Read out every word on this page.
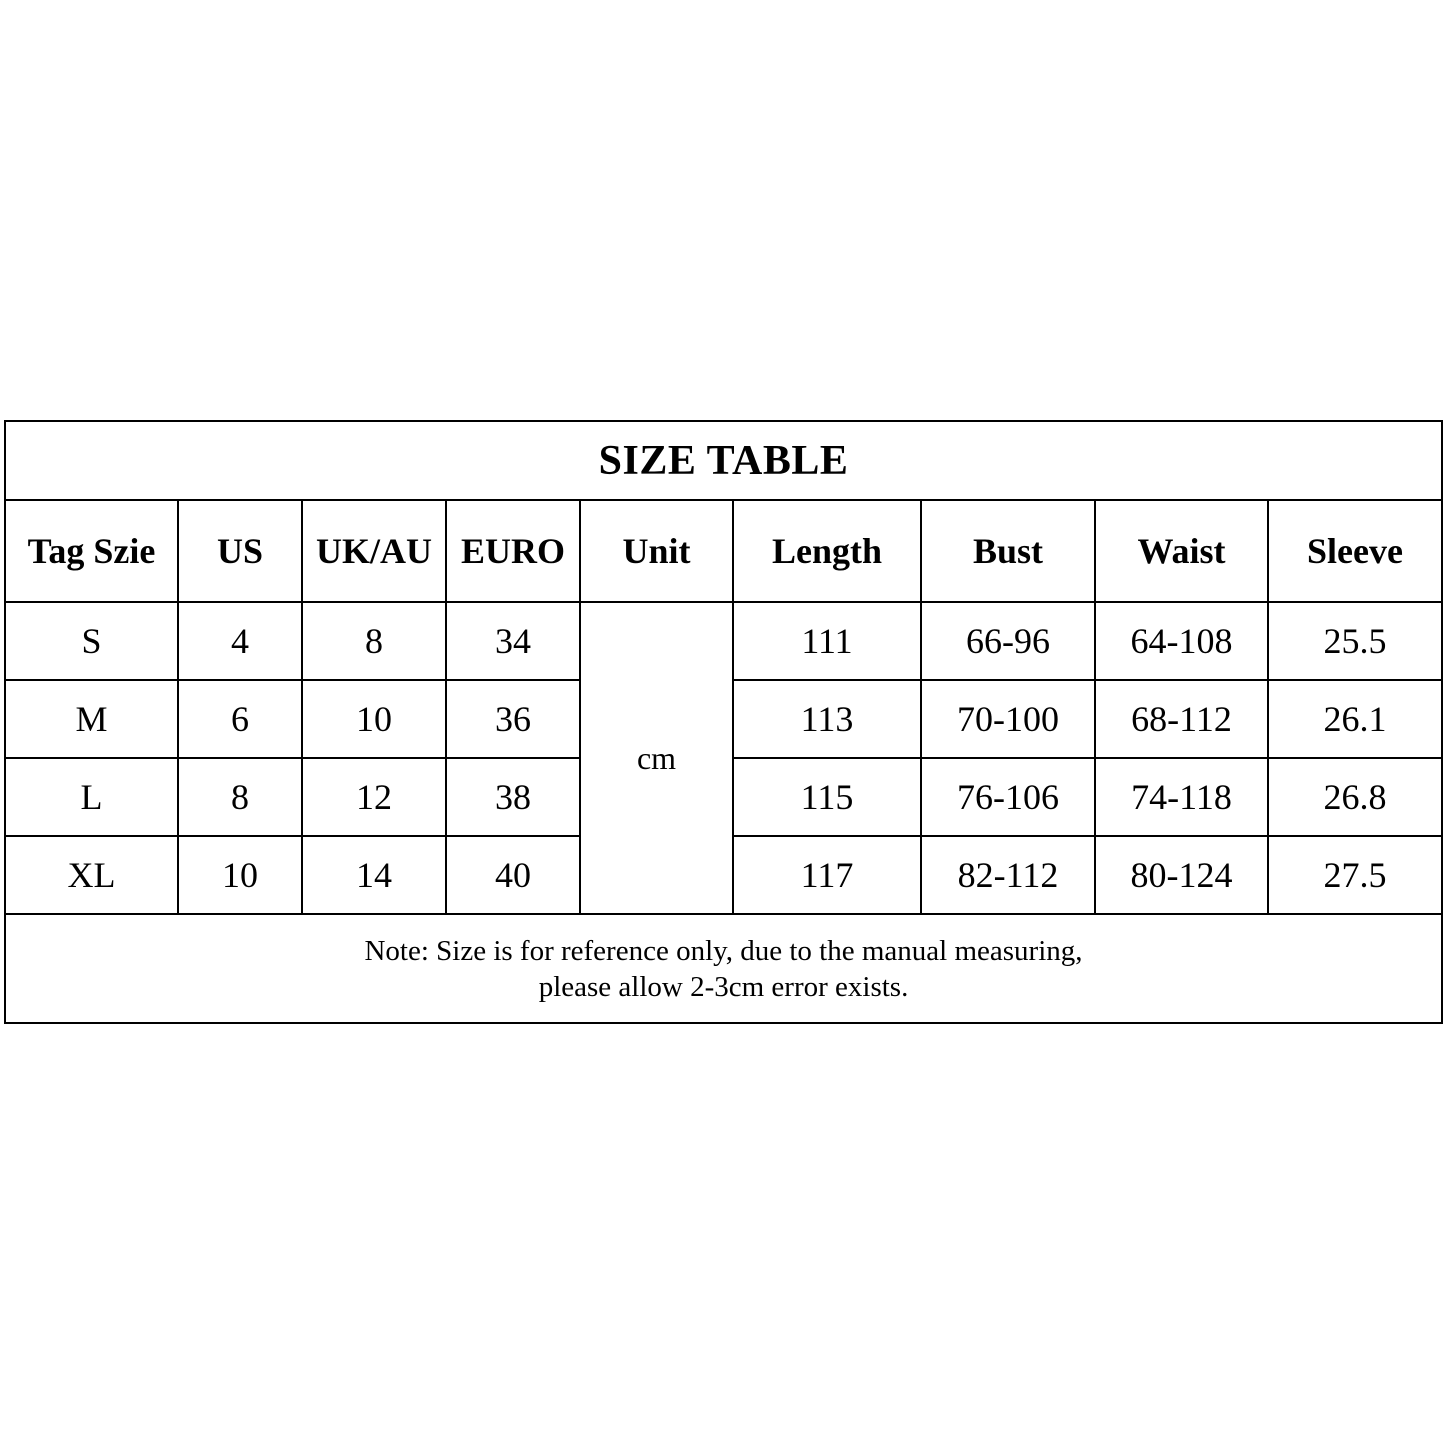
SIZE TABLE								
Tag Szie	US	UK/AU	EURO	Unit	Length	Bust	Waist	Sleeve
S	4	8	34	cm	111	66-96	64-108	25.5
M	6	10	36		113	70-100	68-112	26.1
L	8	12	38		115	76-106	74-118	26.8
XL	10	14	40		117	82-112	80-124	27.5

Note: Size is for reference only, due to the manual measuring,
please allow 2-3cm error exists.								
